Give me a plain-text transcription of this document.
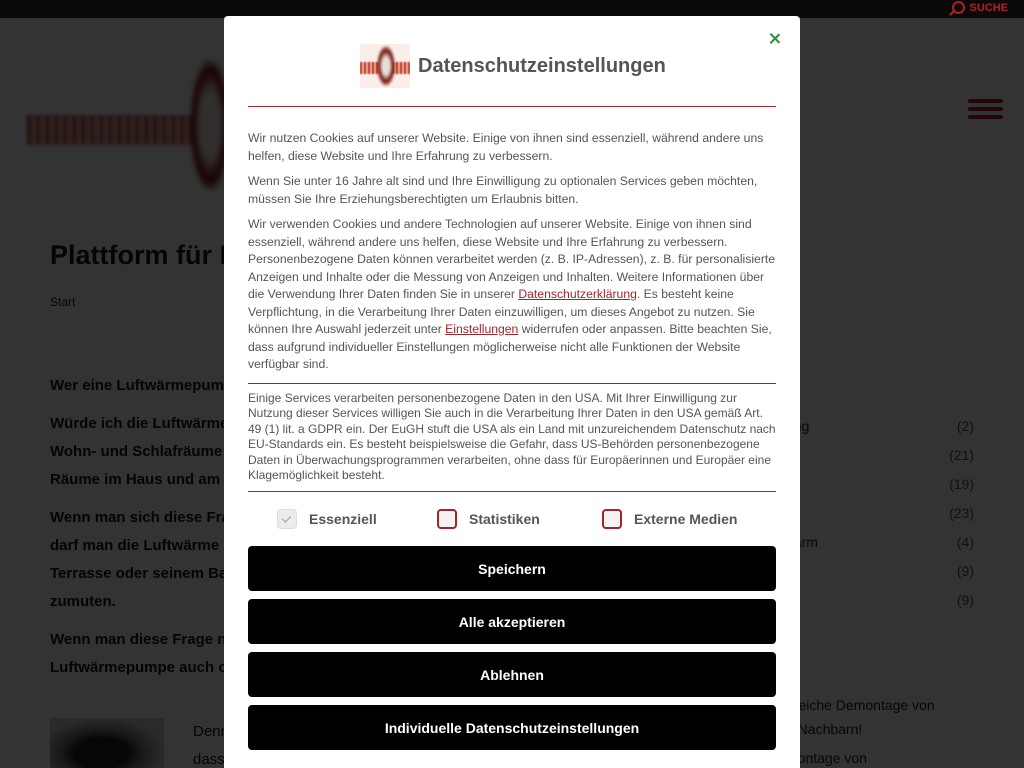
SUCHE
Datenschutzeinstellungen

Wir nutzen Cookies auf unserer Website. Einige von ihnen sind essenziell, während andere uns helfen, diese Website und Ihre Erfahrung zu verbessern.

Wenn Sie unter 16 Jahre alt sind und Ihre Einwilligung zu optionalen Services geben möchten, müssen Sie Ihre Erziehungsberechtigten um Erlaubnis bitten.

Wir verwenden Cookies und andere Technologien auf unserer Website. Einige von ihnen sind essenziell, während andere uns helfen, diese Website und Ihre Erfahrung zu verbessern. Personenbezogene Daten können verarbeitet werden (z. B. IP-Adressen), z. B. für personalisierte Anzeigen und Inhalte oder die Messung von Anzeigen und Inhalten. Weitere Informationen über die Verwendung Ihrer Daten finden Sie in unserer Datenschutzerklärung. Es besteht keine Verpflichtung, in die Verarbeitung Ihrer Daten einzuwilligen, um dieses Angebot zu nutzen. Sie können Ihre Auswahl jederzeit unter Einstellungen widerrufen oder anpassen. Bitte beachten Sie, dass aufgrund individueller Einstellungen möglicherweise nicht alle Funktionen der Website verfügbar sind.

Einige Services verarbeiten personenbezogene Daten in den USA. Mit Ihrer Einwilligung zur Nutzung dieser Services willigen Sie auch in die Verarbeitung Ihrer Daten in den USA gemäß Art. 49 (1) lit. a GDPR ein. Der EuGH stuft die USA als ein Land mit unzureichendem Datenschutz nach EU-Standards ein. Es besteht beispielsweise die Gefahr, dass US-Behörden personenbezogene Daten in Überwachungsprogrammen verarbeiten, ohne dass für Europäerinnen und Europäer eine Klagemöglichkeit besteht.

Essenziell	Statistiken	Externe Medien
Speichern
Alle akzeptieren
Ablehnen
Individuelle Datenschutzeinstellungen
